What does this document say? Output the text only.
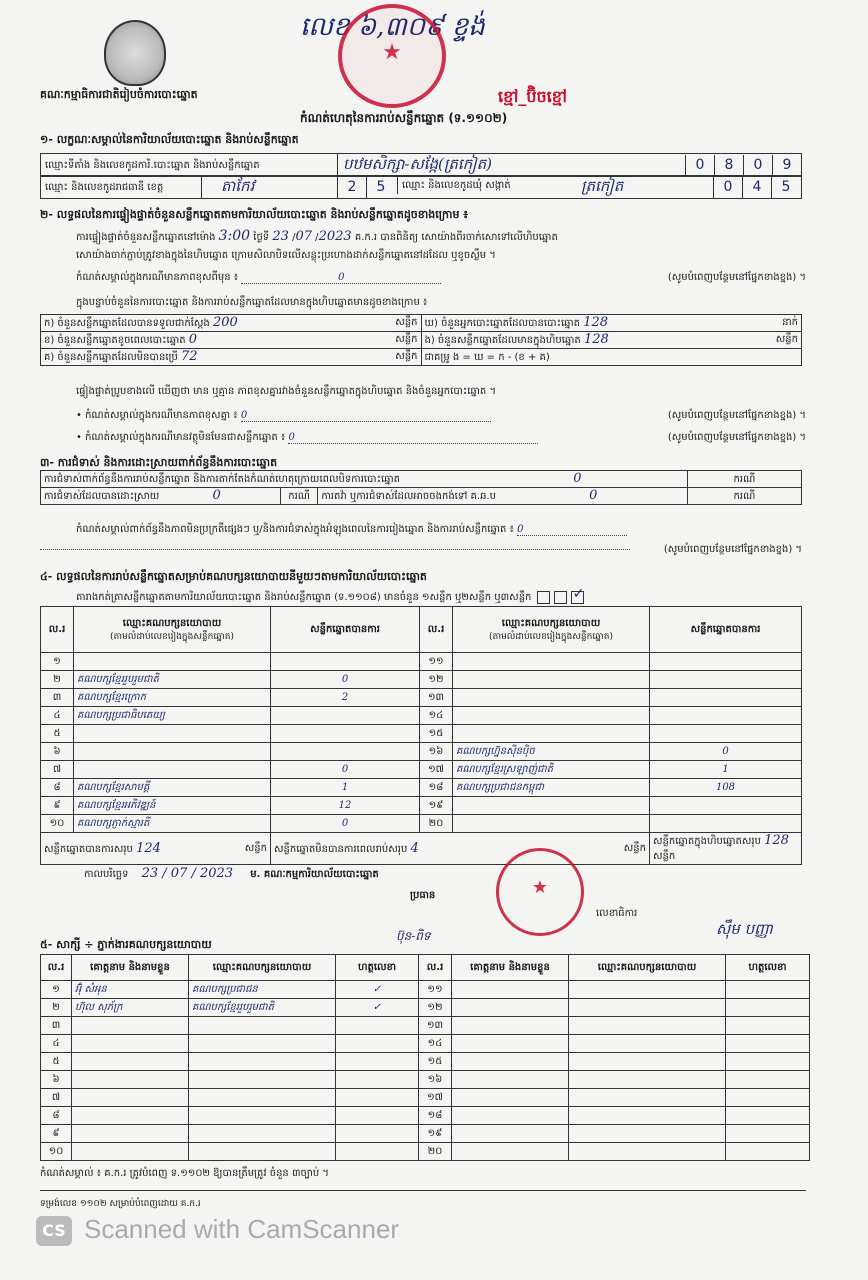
លេខ ៦,៣០៩ ខ្ទង់
★
គណៈកម្មាធិការជាតិរៀបចំការបោះឆ្នោត	ខ្មៅ_ប៊ិចខ្មៅ
កំណត់ហេតុនៃការរាប់សន្លឹកឆ្នោត (ទ.១១០២)
១- លក្ខណៈសម្គាល់នៃការិយាល័យបោះឆ្នោត និងរាប់សន្លឹកឆ្នោត
ឈ្មោះទីតាំង និងលេខកូដការិ.បោះឆ្នោត និងរាប់សន្លឹកឆ្នោត	បឋមសិក្សា-សង្កែ(ត្រកៀត)	0 8 0 9
ឈ្មោះ និងលេខកូដរាជធានី ខេត្ត	តាកែវ	2 5	ឈ្មោះ និងលេខកូដឃុំ សង្កាត់	ត្រកៀត	0 4 5
២- លទ្ធផលនៃការផ្ទៀងផ្ទាត់ចំនួនសន្លឹកឆ្នោតតាមការិយាល័យបោះឆ្នោត និងរាប់សន្លឹកឆ្នោតដូចខាងក្រោម ៖
ការផ្ទៀងផ្ទាត់ចំនួនសន្លឹកឆ្នោតនៅម៉ោង 3:00 ថ្ងៃទី 23 /07 /2023 គ.ក.រ បានពិនិត្យ សោយ៉ាងពីរចាក់សោទៅលើហិបឆ្នោត
សោយ៉ាងចាក់ភ្ជាប់ត្រូវខាងក្នុងនៃហិបឆ្នោត ក្រោមសិលាបិទលើសន្លុះប្រហោងដាក់សន្លឹកឆ្នោតនៅដដែល ឬខូចស្លឹម ។
កំណត់សម្គាល់ក្នុងករណីមានភាពខុសពីមុន ៖	0	(សូមបំពេញបន្ថែមនៅផ្នែកខាងខ្នង) ។
ក្នុងបន្ទាប់ចំនួននៃការបោះឆ្នោត និងការរាប់សន្លឹកឆ្នោតដែលមានក្នុងហិបឆ្នោតមានដូចខាងក្រោម ៖
ក) ចំនួនសន្លឹកឆ្នោតដែលបានទទួលជាក់ស្តែង 200 សន្លឹក	ឃ) ចំនួនអ្នកបោះឆ្នោតដែលបានបោះឆ្នោត 128 នាក់

ខ) ចំនួនសន្លឹកឆ្នោតខូចពេលបោះឆ្នោត 0 សន្លឹក	ង) ចំនួនសន្លឹកឆ្នោតដែលមានក្នុងហិបឆ្នោត 128 សន្លឹក

គ) ចំនួនសន្លឹកឆ្នោតដែលមិនបានប្រើ 72 សន្លឹក	ជាគម្រូ ង = ឃ = ក - (ខ + គ)
ផ្ទៀងផ្ទាត់ប្រូបខាងលើ ឃើញថា មាន ឬគ្មាន ភាពខុសគ្នារវាងចំនួនសន្លឹកឆ្នោតក្នុងហិបឆ្នោត និងចំនួនអ្នកបោះឆ្នោត ។
• កំណត់សម្គាល់ក្នុងករណីមានភាពខុសគ្នា ៖ 0	(សូមបំពេញបន្ថែមនៅផ្នែកខាងខ្នង) ។
• កំណត់សម្គាល់ក្នុងករណីមានវត្ថុមិនមែនជាសន្លឹកឆ្នោត ៖ 0	(សូមបំពេញបន្ថែមនៅផ្នែកខាងខ្នង) ។
៣- ការជំទាស់ និងការដោះស្រាយពាក់ព័ន្ធនឹងការបោះឆ្នោត
ការជំទាស់ពាក់ព័ន្ធនឹងការរាប់សន្លឹកឆ្នោត និងការតាក់តែងកំណត់ហេតុក្រោយពេលបិទការបោះឆ្នោត 0			ករណី
ការជំទាស់ដែលបានដោះស្រាយ 0	ករណី	ការតវ៉ា ឬការជំទាស់ដែលអាចចងកង់ទៅ គ.ឆ.ប 0	ករណី
កំណត់សម្គាល់ពាក់ព័ន្ធនឹងភាពមិនប្រក្រតីផ្សេងៗ ឬ/និងការជំទាស់ក្នុងអំឡុងពេលនៃការរៀងឆ្នោត និងការរាប់សន្លឹកឆ្នោត ៖ 0
(សូមបំពេញបន្ថែមនៅផ្នែកខាងខ្នង) ។
៤- លទ្ធផលនៃការរាប់សន្លឹកឆ្នោតសម្រាប់គណបក្សនយោបាយនីមួយៗតាមការិយាល័យបោះឆ្នោត
តារាងកត់ត្រាសន្លឹកឆ្នោតតាមការិយាល័យបោះឆ្នោត និងរាប់សន្លឹកឆ្នោត (ទ.១១០៨) មានចំនួន ១សន្លឹក ឬ២សន្លឹក ឬ៣សន្លឹក	✓
ល.រ	ឈ្មោះគណបក្សនយោបាយ
(តាមលំដាប់លេខរៀងក្នុងសន្លឹកឆ្នោត)	សន្លឹកឆ្នោតបានការ	ល.រ	ឈ្មោះគណបក្សនយោបាយ
(តាមលំដាប់លេខរៀងក្នុងសន្លឹកឆ្នោត)	សន្លឹកឆ្នោតបានការ
១			១១		
២	គណបក្សខ្មែររួបរួមជាតិ	0	១២		
៣	គណបក្សខ្មែរក្រោក	2	១៣		
៤	គណបក្សប្រជាធិបតេយ្យ		១៤		
៥			១៥		
៦			១៦	គណបក្សហ្វ៊ុនស៊ិនប៉ិច	0
៧		0	១៧	គណបក្សខ្មែរស្រឡាញ់ជាតិ	1
៨	គណបក្សខ្មែរសាមគ្គី	1	១៨	គណបក្សប្រជាជនកម្ពុជា	108
៩	គណបក្សខ្មែរអភិវឌ្ឍន៍	12	១៩		
១០	គណបក្សភ្ញាក់ស្មារតី	0	២០		
សន្លឹកឆ្នោតបានការសរុប 124 សន្លឹក		សន្លឹកឆ្នោតមិនបានការពេលរាប់សរុប 4 សន្លឹក			សន្លឹកឆ្នោតក្នុងហិបឆ្នោតសរុប 128 សន្លឹក
កាលបរិច្ឆេទ 23 / 07 / 2023 ម. គណៈកម្មការិយាល័យបោះឆ្នោត
ប្រធាន
ប៊ុន-ពិទ
លេខាធិការ
ស៊ឹម បញ្ញា
★
៥- សាក្សី ÷ ភ្នាក់ងារគណបក្សនយោបាយ
ល.រ	គោត្តនាម និងនាមខ្លួន	ឈ្មោះគណបក្សនយោបាយ	ហត្ថលេខា	ល.រ	គោត្តនាម និងនាមខ្លួន	ឈ្មោះគណបក្សនយោបាយ	ហត្ថលេខា
១	អ៊ុំ សំអុន	គណបក្សប្រជាជន	✓	១១			
២	ហ៊ុល សុភ័ក្រ	គណបក្សខ្មែររួបរួមជាតិ	✓	១២			
៣				១៣			
៤				១៤			
៥				១៥			
៦				១៦			
៧				១៧			
៨				១៨			
៩				១៩			
១០				២០			
កំណត់សម្គាល់ ៖ គ.ក.រ ត្រូវបំពេញ ទ.១១០២ ឱ្យបានត្រឹមត្រូវ ចំនួន ៣ច្បាប់ ។
ទម្រង់លេខ ១១០២ សម្រាប់បំពេញដោយ គ.ក.រ
CS Scanned with CamScanner
